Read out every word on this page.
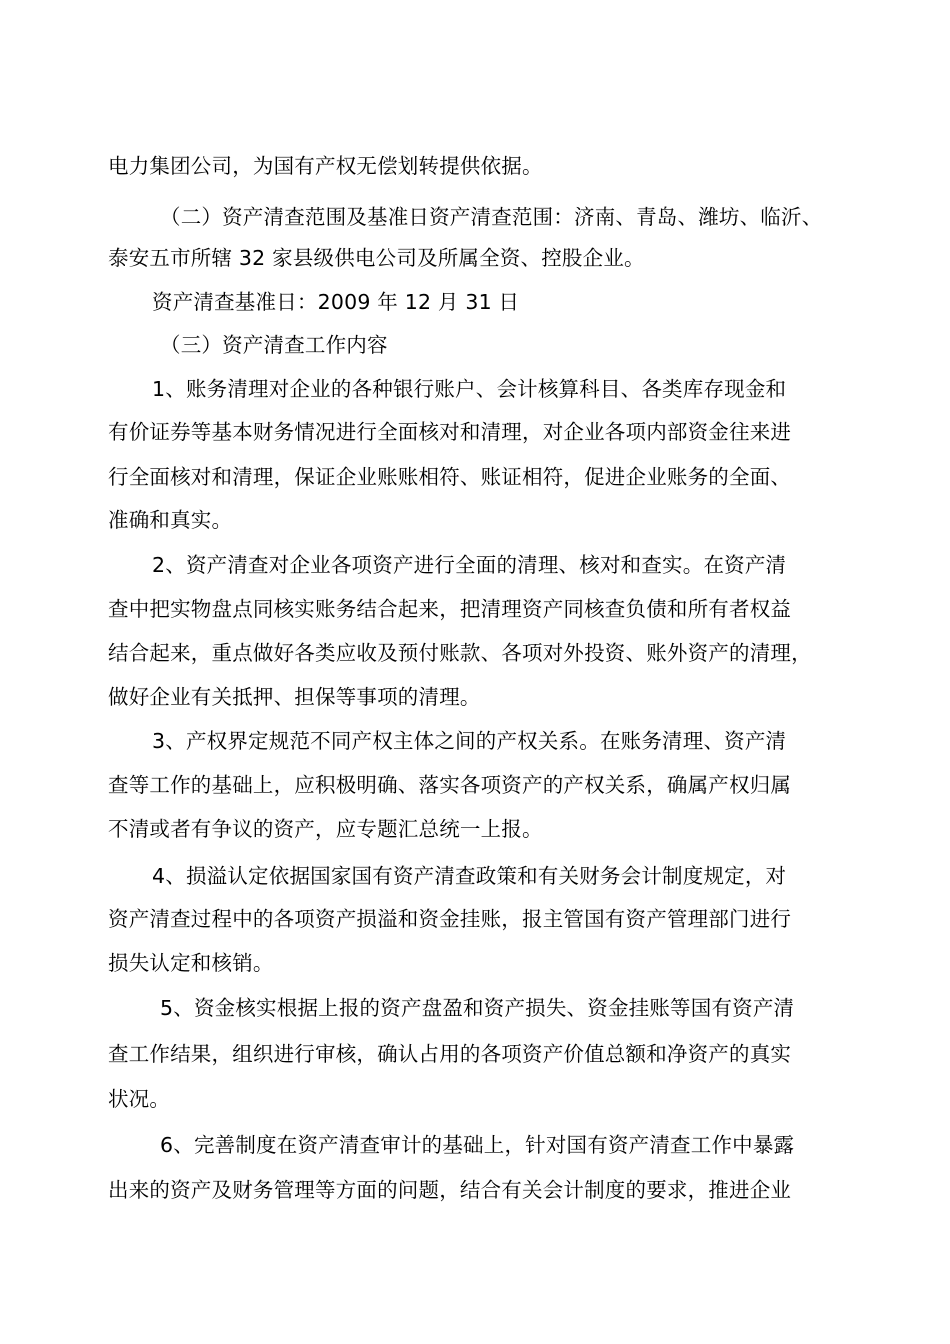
电力集团公司，为国有产权无偿划转提供依据。
（二）资产清查范围及基准日资产清查范围：济南、青岛、潍坊、临沂、
泰安五市所辖 32 家县级供电公司及所属全资、控股企业。
资产清查基准日：2009 年 12 月 31 日
（三）资产清查工作内容
1、账务清理对企业的各种银行账户、会计核算科目、各类库存现金和
有价证券等基本财务情况进行全面核对和清理，对企业各项内部资金往来进
行全面核对和清理，保证企业账账相符、账证相符，促进企业账务的全面、
准确和真实。
2、资产清查对企业各项资产进行全面的清理、核对和查实。在资产清
查中把实物盘点同核实账务结合起来，把清理资产同核查负债和所有者权益
结合起来，重点做好各类应收及预付账款、各项对外投资、账外资产的清理，
做好企业有关抵押、担保等事项的清理。
3、产权界定规范不同产权主体之间的产权关系。在账务清理、资产清
查等工作的基础上，应积极明确、落实各项资产的产权关系，确属产权归属
不清或者有争议的资产，应专题汇总统一上报。
4、损溢认定依据国家国有资产清查政策和有关财务会计制度规定，对
资产清查过程中的各项资产损溢和资金挂账，报主管国有资产管理部门进行
损失认定和核销。
5、资金核实根据上报的资产盘盈和资产损失、资金挂账等国有资产清
查工作结果，组织进行审核，确认占用的各项资产价值总额和净资产的真实
状况。
6、完善制度在资产清查审计的基础上，针对国有资产清查工作中暴露
出来的资产及财务管理等方面的问题，结合有关会计制度的要求，推进企业
